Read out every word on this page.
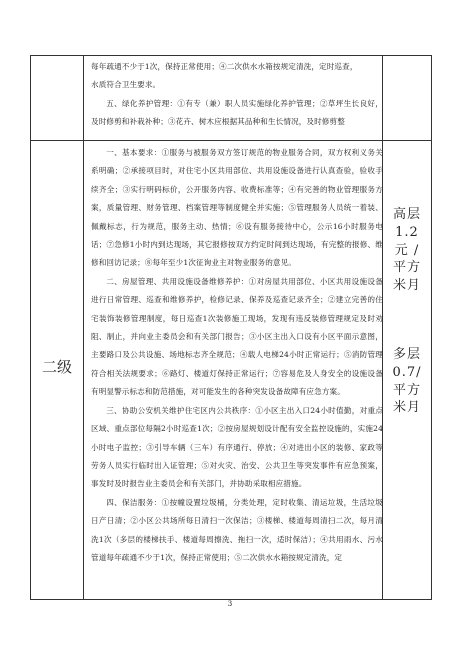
每年疏通不少于1次，保持正常使用；④二次供水水箱按规定清洗，定时巡查，

水质符合卫生要求。

五、绿化养护管理：①有专（兼）职人员实施绿化养护管理；②草坪生长良好，及时修剪和补栽补种；③花卉、树木应根据其品种和生长情况，及时修剪整

二级

一、基本要求：①服务与被服务双方签订规范的物业服务合同，双方权利义务关系明确；②承接项目时，对住宅小区共用部位、共用设施设备进行认真查验，验收手续齐全；③实行明码标价，公开服务内容、收费标准等；④有完善的物业管理服务方案，质量管理、财务管理、档案管理等制度健全并实施；⑤管理服务人员统一着装、佩戴标志，行为规范，服务主动、热情；⑥设有服务接待中心，公示16小时服务电话；⑦急修1小时内到达现场，其它报修按双方约定时间到达现场，有完整的报修、维修和回访记录；⑧每年至少1次征询业主对物业服务的意见。

二、房屋管理、共用设施设备维修养护：①对房屋共用部位、小区共用设施设备进行日常管理、巡查和维修养护，检修记录、保养及巡查记录齐全；②建立完善的住宅装饰装修管理制度，每日巡查1次装修施工现场，发现有违反装修管理规定及时劝阻、制止，并向业主委员会和有关部门报告；③小区主出入口设有小区平面示意图，主要路口及公共设施、场地标志齐全规范；④载人电梯24小时正常运行；⑤消防管理符合相关法规要求；⑥路灯、楼道灯保持正常运行；⑦容易危及人身安全的设施设备有明显警示标志和防范措施，对可能发生的各种突发设备故障有应急方案。

三、协助公安机关维护住宅区内公共秩序：①小区主出入口24小时值勤，对重点区域、重点部位每隔2小时巡查1次；②按房屋规划设计配有安全监控设施的，实施24小时电子监控；③引导车辆（三车）有序通行、停放；④对进出小区的装修、家政等劳务人员实行临时出入证管理；⑤对火灾、治安、公共卫生等突发事件有应急预案，事发时及时报告业主委员会和有关部门，并协助采取相应措施。

四、保洁服务：①按幢设置垃圾桶，分类处理，定时收集、清运垃圾，生活垃圾日产日清；②小区公共场所每日清扫一次保洁；③楼梯、楼道每周清扫二次，每月清洗1次（多层的楼梯扶手、楼道每周擦洗、拖扫一次，适时保洁）；④共用雨水、污水管道每年疏通不少于1次，保持正常使用；⑤二次供水水箱按规定清洗，定

高层
1.2
元 /
平方
米月
多层
0.7/
平方
米月
3
